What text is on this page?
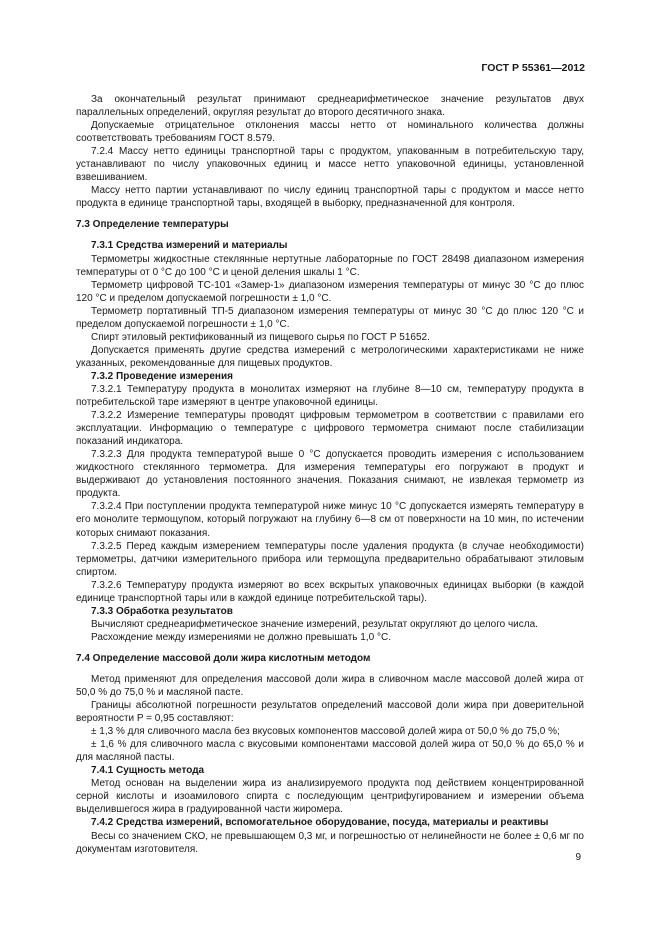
ГОСТ Р 55361—2012

За окончательный результат принимают среднеарифметическое значение результатов двух параллельных определений, округляя результат до второго десятичного знака.

Допускаемые отрицательное отклонения массы нетто от номинального количества должны соответствовать требованиям ГОСТ 8.579.

7.2.4 Массу нетто единицы транспортной тары с продуктом, упакованным в потребительскую тару, устанавливают по числу упаковочных единиц и массе нетто упаковочной единицы, установленной взвешиванием.

Массу нетто партии устанавливают по числу единиц транспортной тары с продуктом и массе нетто продукта в единице транспортной тары, входящей в выборку, предназначенной для контроля.

7.3 Определение температуры

7.3.1 Средства измерений и материалы

Термометры жидкостные стеклянные нертутные лабораторные по ГОСТ 28498 диапазоном измерения температуры от 0 °С до 100 °С и ценой деления шкалы 1 °С.

Термометр цифровой ТС-101 «Замер-1» диапазоном измерения температуры от минус 30 °С до плюс 120 °С и пределом допускаемой погрешности ± 1,0 °С.

Термометр портативный ТП-5 диапазоном измерения температуры от минус 30 °С до плюс 120 °С и пределом допускаемой погрешности ± 1,0 °С.

Спирт этиловый ректификованный из пищевого сырья по ГОСТ Р 51652.

Допускается применять другие средства измерений с метрологическими характеристиками не ниже указанных, рекомендованные для пищевых продуктов.

7.3.2 Проведение измерения

7.3.2.1 Температуру продукта в монолитах измеряют на глубине 8—10 см, температуру продукта в потребительской таре измеряют в центре упаковочной единицы.

7.3.2.2 Измерение температуры проводят цифровым термометром в соответствии с правилами его эксплуатации. Информацию о температуре с цифрового термометра снимают после стабилизации показаний индикатора.

7.3.2.3 Для продукта температурой выше 0 °С допускается проводить измерения с использованием жидкостного стеклянного термометра. Для измерения температуры его погружают в продукт и выдерживают до установления постоянного значения. Показания снимают, не извлекая термометр из продукта.

7.3.2.4 При поступлении продукта температурой ниже минус 10 °С допускается измерять температуру в его монолите термощупом, который погружают на глубину 6—8 см от поверхности на 10 мин, по истечении которых снимают показания.

7.3.2.5 Перед каждым измерением температуры после удаления продукта (в случае необходимости) термометры, датчики измерительного прибора или термощупа предварительно обрабатывают этиловым спиртом.

7.3.2.6 Температуру продукта измеряют во всех вскрытых упаковочных единицах выборки (в каждой единице транспортной тары или в каждой единице потребительской тары).

7.3.3 Обработка результатов

Вычисляют среднеарифметическое значение измерений, результат округляют до целого числа.

Расхождение между измерениями не должно превышать 1,0 °С.

7.4 Определение массовой доли жира кислотным методом

Метод применяют для определения массовой доли жира в сливочном масле массовой долей жира от 50,0 % до 75,0 % и масляной пасте.

Границы абсолютной погрешности результатов определений массовой доли жира при доверительной вероятности P = 0,95 составляют:

± 1,3 % для сливочного масла без вкусовых компонентов массовой долей жира от 50,0 % до 75,0 %;

± 1,6 % для сливочного масла с вкусовыми компонентами массовой долей жира от 50,0 % до 65,0 % и для масляной пасты.

7.4.1 Сущность метода

Метод основан на выделении жира из анализируемого продукта под действием концентрированной серной кислоты и изоамилового спирта с последующим центрифугированием и измерении объема выделившегося жира в градуированной части жиромера.

7.4.2 Средства измерений, вспомогательное оборудование, посуда, материалы и реактивы

Весы со значением СКО, не превышающем 0,3 мг, и погрешностью от нелинейности не более ± 0,6 мг по документам изготовителя.

9
